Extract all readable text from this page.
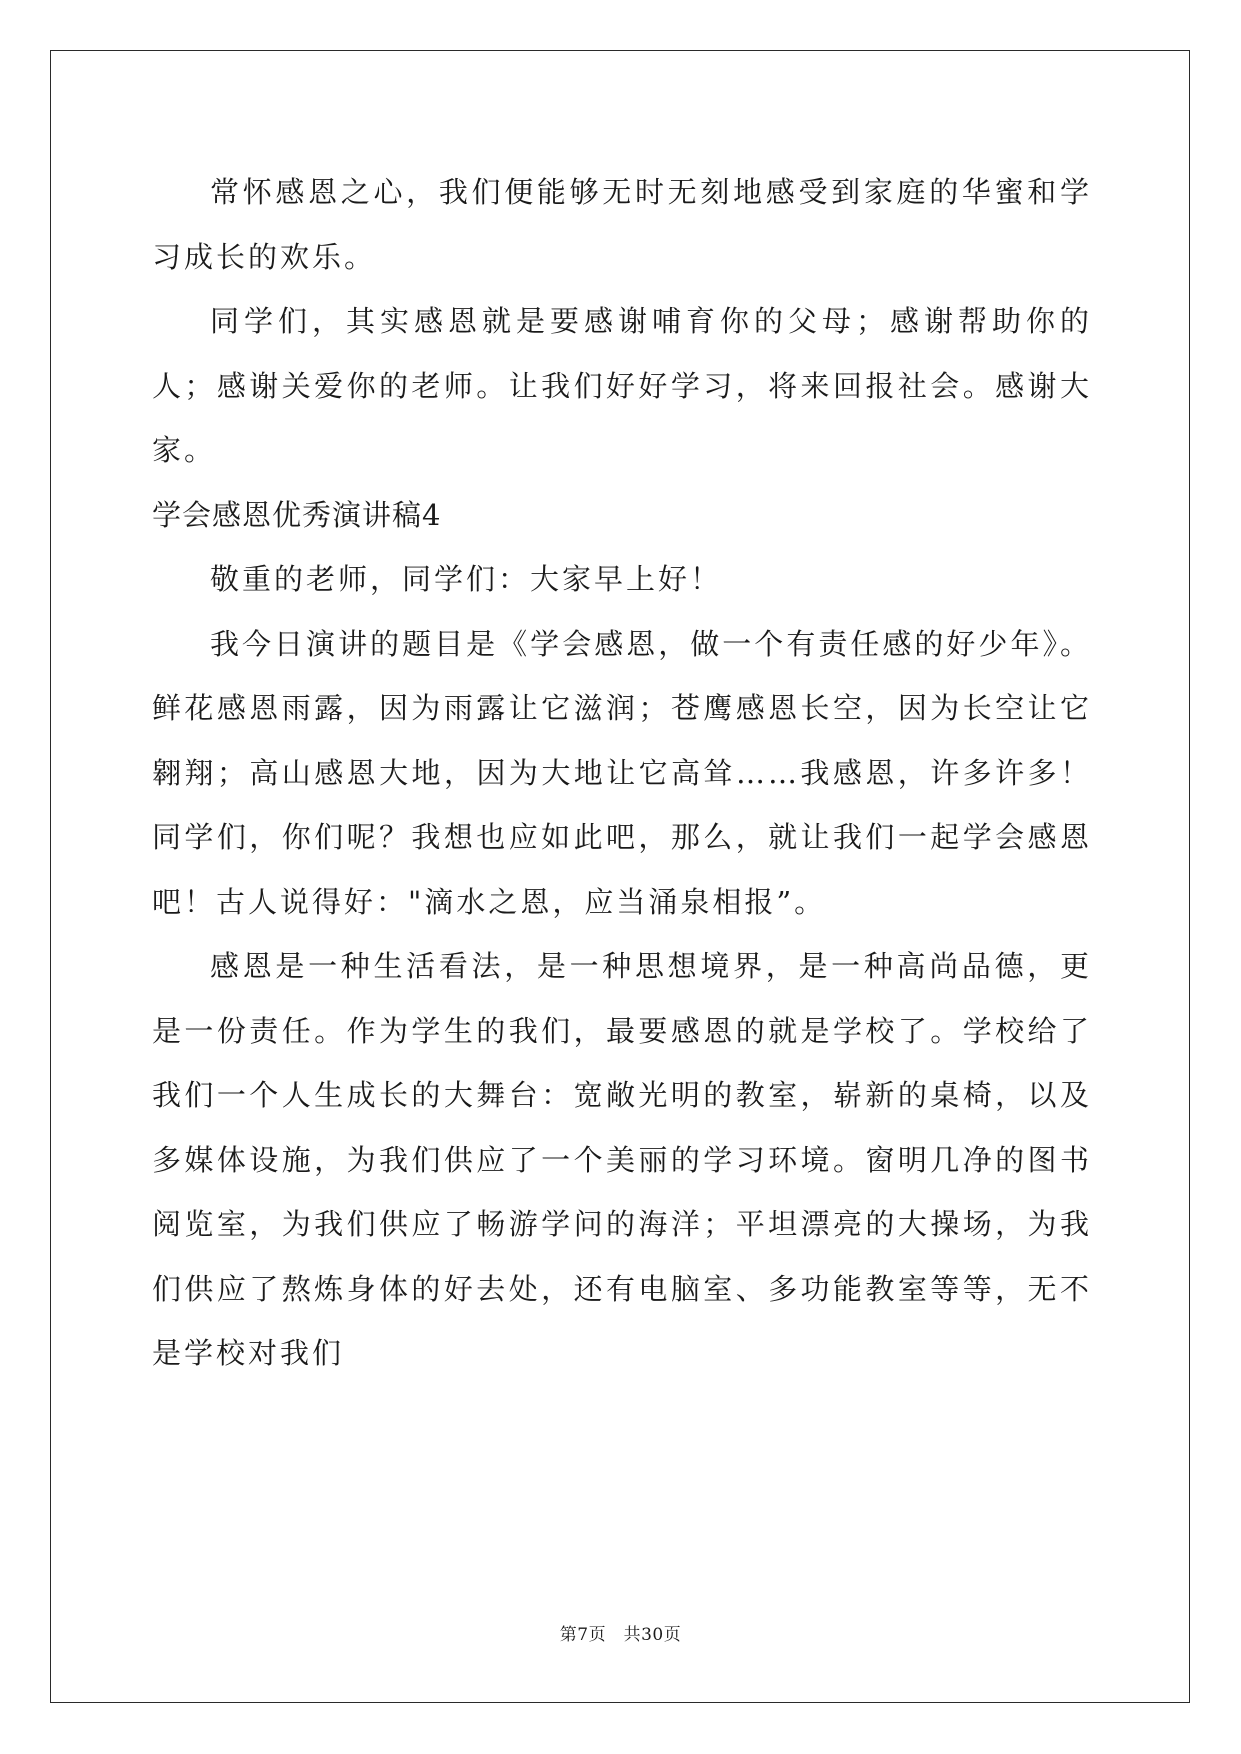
常怀感恩之心，我们便能够无时无刻地感受到家庭的华蜜和学习成长的欢乐。

同学们，其实感恩就是要感谢哺育你的父母；感谢帮助你的人；感谢关爱你的老师。让我们好好学习，将来回报社会。感谢大家。

学会感恩优秀演讲稿4

敬重的老师，同学们：大家早上好！

我今日演讲的题目是《学会感恩，做一个有责任感的好少年》。鲜花感恩雨露，因为雨露让它滋润；苍鹰感恩长空，因为长空让它翱翔；高山感恩大地，因为大地让它高耸……我感恩，许多许多！同学们，你们呢？我想也应如此吧，那么，就让我们一起学会感恩吧！古人说得好："滴水之恩，应当涌泉相报”。

感恩是一种生活看法，是一种思想境界，是一种高尚品德，更是一份责任。作为学生的我们，最要感恩的就是学校了。学校给了我们一个人生成长的大舞台：宽敞光明的教室，崭新的桌椅，以及多媒体设施，为我们供应了一个美丽的学习环境。窗明几净的图书阅览室，为我们供应了畅游学问的海洋；平坦漂亮的大操场，为我们供应了熬炼身体的好去处，还有电脑室、多功能教室等等，无不是学校对我们

第7页　共30页
